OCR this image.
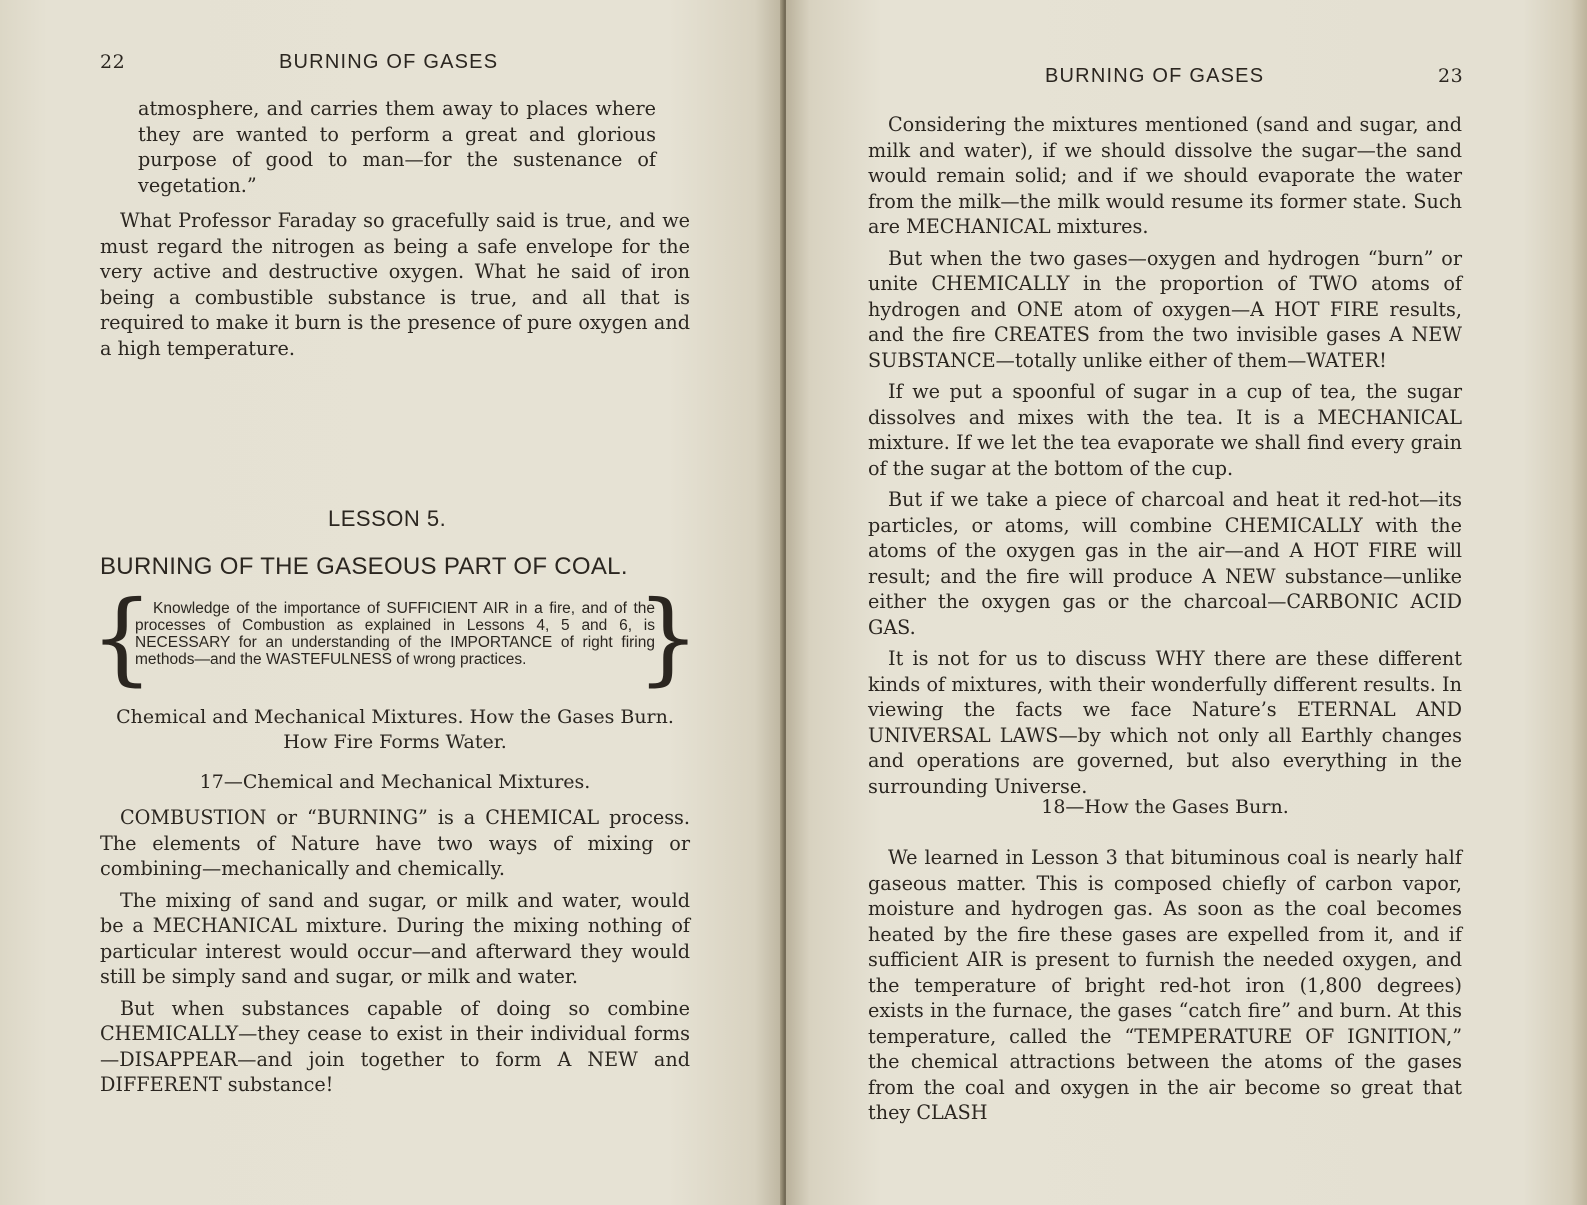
22	BURNING OF GASES

atmosphere, and carries them away to places where they are wanted to perform a great and glorious purpose of good to man—for the sustenance of vegetation.”

What Professor Faraday so gracefully said is true, and we must regard the nitrogen as being a safe envelope for the very active and destructive oxygen. What he said of iron being a combustible substance is true, and all that is required to make it burn is the presence of pure oxygen and a high temperature.

LESSON 5.
BURNING OF THE GASEOUS PART OF COAL.
{	}

Knowledge of the importance of SUFFICIENT AIR in a fire, and of the processes of Combustion as explained in Lessons 4, 5 and 6, is NECESSARY for an understanding of the IMPORTANCE of right firing methods—and the WASTEFULNESS of wrong practices.

Chemical and Mechanical Mixtures. How the Gases Burn.
How Fire Forms Water.
17—Chemical and Mechanical Mixtures.

COMBUSTION or “BURNING” is a CHEMICAL process. The elements of Nature have two ways of mixing or combining—mechanically and chemically.

The mixing of sand and sugar, or milk and water, would be a MECHANICAL mixture. During the mixing nothing of particular interest would occur—and afterward they would still be simply sand and sugar, or milk and water.

But when substances capable of doing so combine CHEMICALLY—they cease to exist in their individual forms—DISAPPEAR—and join together to form A NEW and DIFFERENT substance!

BURNING OF GASES	23

Considering the mixtures mentioned (sand and sugar, and milk and water), if we should dissolve the sugar—the sand would remain solid; and if we should evaporate the water from the milk—the milk would resume its former state. Such are MECHANICAL mixtures.

But when the two gases—oxygen and hydrogen “burn” or unite CHEMICALLY in the proportion of TWO atoms of hydrogen and ONE atom of oxygen—A HOT FIRE results, and the fire CREATES from the two invisible gases A NEW SUBSTANCE—totally unlike either of them—WATER!

If we put a spoonful of sugar in a cup of tea, the sugar dissolves and mixes with the tea. It is a MECHANICAL mixture. If we let the tea evaporate we shall find every grain of the sugar at the bottom of the cup.

But if we take a piece of charcoal and heat it red-hot—its particles, or atoms, will combine CHEMICALLY with the atoms of the oxygen gas in the air—and A HOT FIRE will result; and the fire will produce A NEW substance—unlike either the oxygen gas or the charcoal—CARBONIC ACID GAS.

It is not for us to discuss WHY there are these different kinds of mixtures, with their wonderfully different results. In viewing the facts we face Nature’s ETERNAL AND UNIVERSAL LAWS—by which not only all Earthly changes and operations are governed, but also everything in the surrounding Universe.

18—How the Gases Burn.

We learned in Lesson 3 that bituminous coal is nearly half gaseous matter. This is composed chiefly of carbon vapor, moisture and hydrogen gas. As soon as the coal becomes heated by the fire these gases are expelled from it, and if sufficient AIR is present to furnish the needed oxygen, and the temperature of bright red-hot iron (1,800 degrees) exists in the furnace, the gases “catch fire” and burn. At this temperature, called the “TEMPERATURE OF IGNITION,” the chemical attractions between the atoms of the gases from the coal and oxygen in the air become so great that they CLASH
